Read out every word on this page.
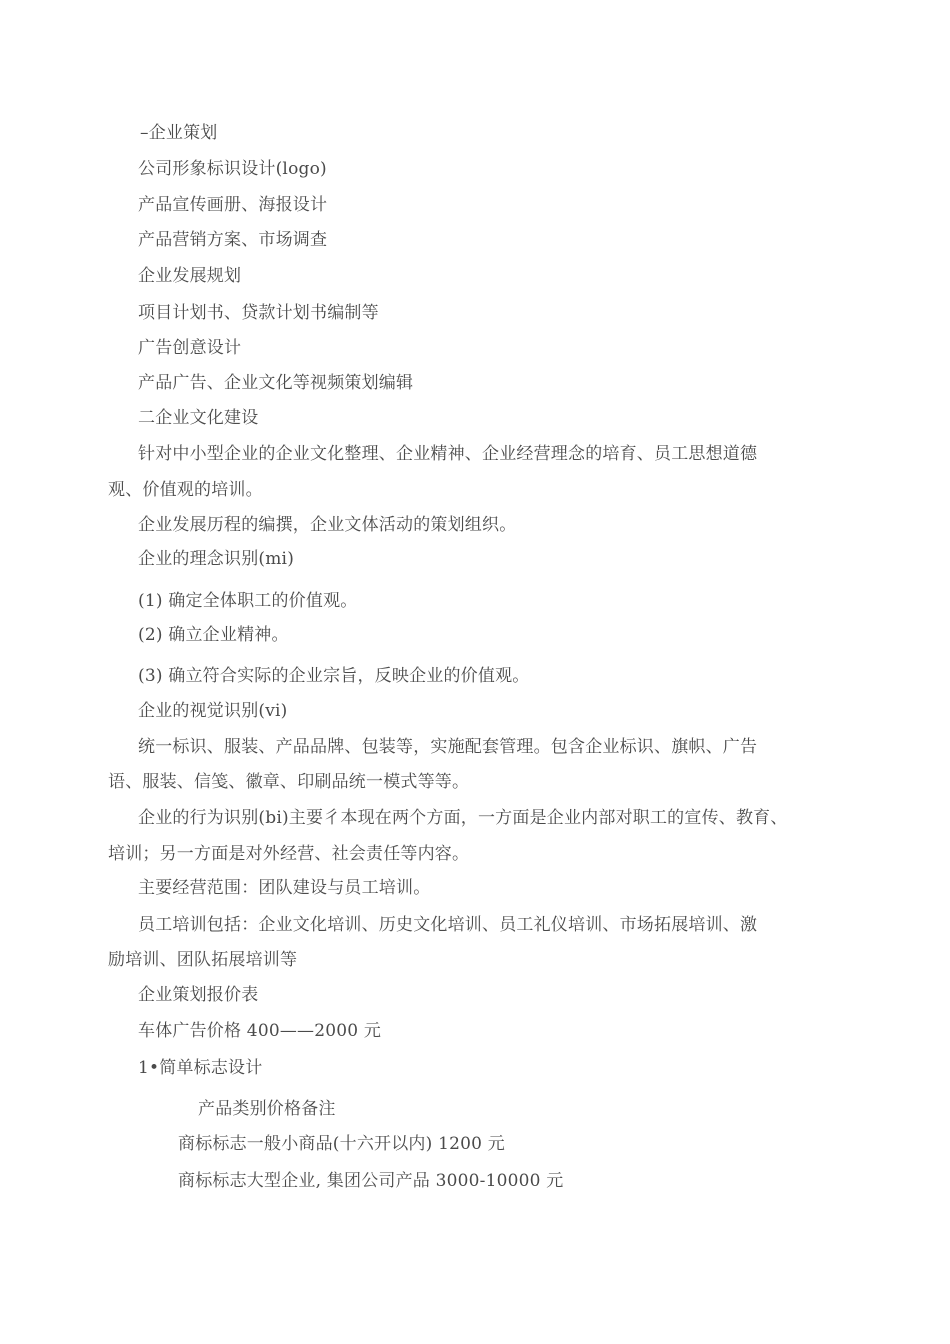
–企业策划
公司形象标识设计(logo)
产品宣传画册、海报设计
产品营销方案、市场调查
企业发展规划
项目计划书、贷款计划书编制等
广告创意设计
产品广告、企业文化等视频策划编辑
二企业文化建设
针对中小型企业的企业文化整理、企业精神、企业经营理念的培育、员工思想道德
观、价值观的培训。
企业发展历程的编撰，企业文体活动的策划组织。
企业的理念识别(mi)
(1) 确定全体职工的价值观。
(2) 确立企业精神。
(3) 确立符合实际的企业宗旨，反映企业的价值观。
企业的视觉识别(vi)
统一标识、服装、产品品牌、包装等，实施配套管理。包含企业标识、旗帜、广告
语、服装、信笺、徽章、印刷品统一模式等等。
企业的行为识别(bi)主要彳本现在两个方面，一方面是企业内部对职工的宣传、教育、
培训；另一方面是对外经营、社会责任等内容。
主要经营范围：团队建设与员工培训。
员工培训包括：企业文化培训、历史文化培训、员工礼仪培训、市场拓展培训、激
励培训、团队拓展培训等
企业策划报价表
车体广告价格 400——2000 元
1•简单标志设计
产品类别价格备注
商标标志一般小商品(十六开以内) 1200 元
商标标志大型企业, 集团公司产品 3000-10000 元
